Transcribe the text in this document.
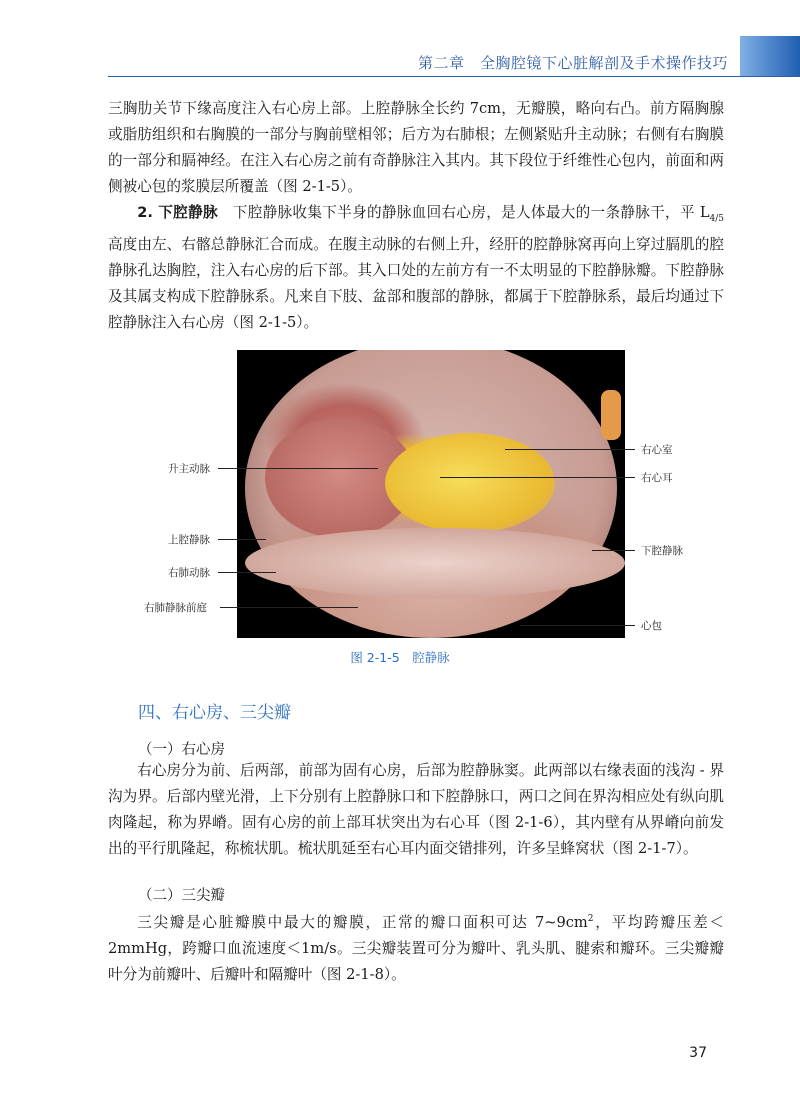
第二章　全胸腔镜下心脏解剖及手术操作技巧

三胸肋关节下缘高度注入右心房上部。上腔静脉全长约 7cm，无瓣膜，略向右凸。前方隔胸腺或脂肪组织和右胸膜的一部分与胸前壁相邻；后方为右肺根；左侧紧贴升主动脉；右侧有右胸膜的一部分和膈神经。在注入右心房之前有奇静脉注入其内。其下段位于纤维性心包内，前面和两侧被心包的浆膜层所覆盖（图 2-1-5）。

2. 下腔静脉　下腔静脉收集下半身的静脉血回右心房，是人体最大的一条静脉干，平 $L_{4/5}$ 高度由左、右髂总静脉汇合而成。在腹主动脉的右侧上升，经肝的腔静脉窝再向上穿过膈肌的腔静脉孔达胸腔，注入右心房的后下部。其入口处的左前方有一不太明显的下腔静脉瓣。下腔静脉及其属支构成下腔静脉系。凡来自下肢、盆部和腹部的静脉，都属于下腔静脉系，最后均通过下腔静脉注入右心房（图 2-1-5）。

升主动脉
上腔静脉
右肺动脉
右肺静脉前庭
右心室
右心耳
下腔静脉
心包
图 2-1-5　腔静脉
四、右心房、三尖瓣
（一）右心房

右心房分为前、后两部，前部为固有心房，后部为腔静脉窦。此两部以右缘表面的浅沟 - 界沟为界。后部内壁光滑，上下分别有上腔静脉口和下腔静脉口，两口之间在界沟相应处有纵向肌肉隆起，称为界嵴。固有心房的前上部耳状突出为右心耳（图 2-1-6），其内壁有从界嵴向前发出的平行肌隆起，称梳状肌。梳状肌延至右心耳内面交错排列，许多呈蜂窝状（图 2-1-7）。

（二）三尖瓣

三尖瓣是心脏瓣膜中最大的瓣膜，正常的瓣口面积可达 $7\sim 9cm^2$，平均跨瓣压差＜2mmHg，跨瓣口血流速度＜1m/s。三尖瓣装置可分为瓣叶、乳头肌、腱索和瓣环。三尖瓣瓣叶分为前瓣叶、后瓣叶和隔瓣叶（图 2-1-8）。

37
